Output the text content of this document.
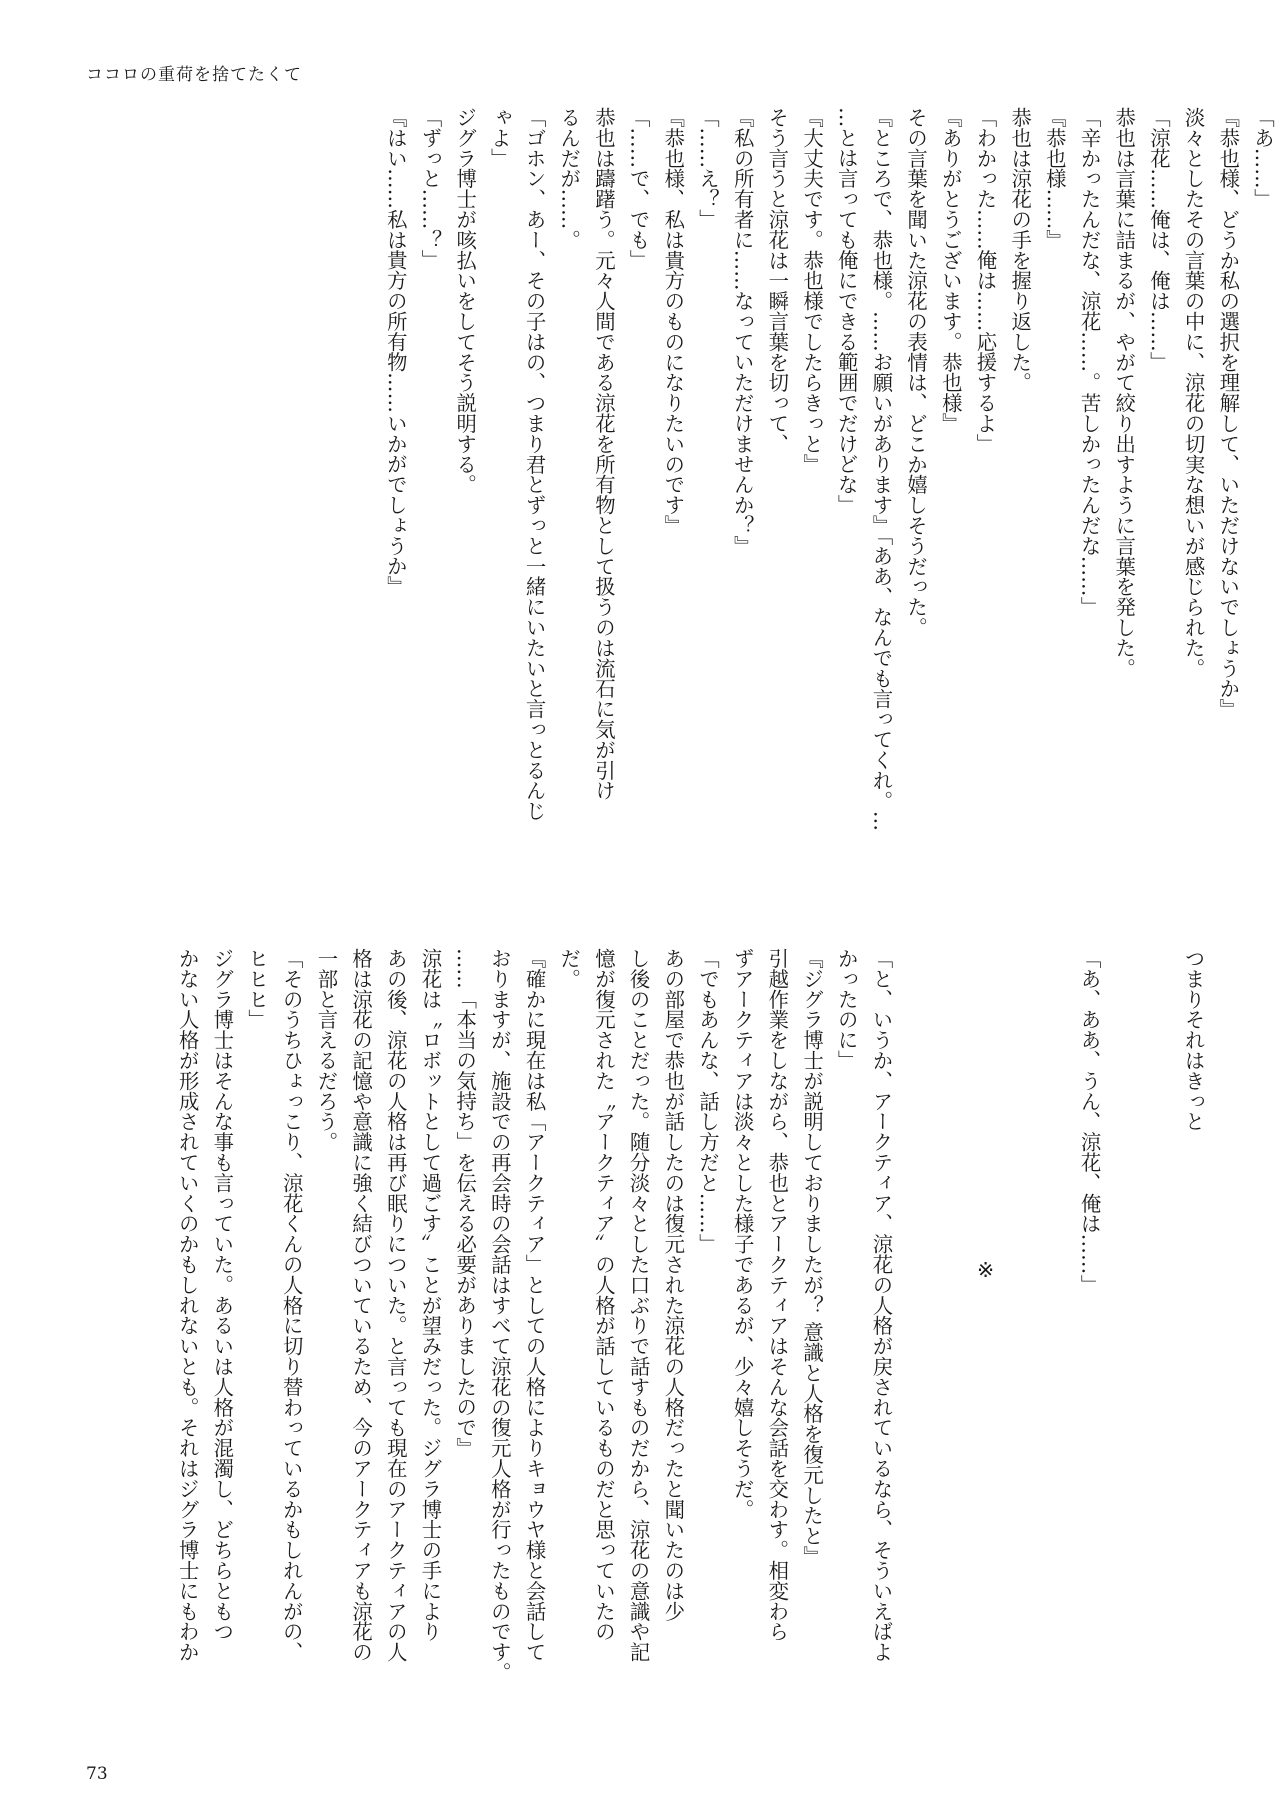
ココロの重荷を捨てたくて
「あ……」
『恭也様、どうか私の選択を理解して、いただけないでしょうか』
淡々としたその言葉の中に、涼花の切実な想いが感じられた。
「涼花……俺は、俺は……」
恭也は言葉に詰まるが、やがて絞り出すように言葉を発した。
「辛かったんだな、涼花……。苦しかったんだな……」
『恭也様……』
恭也は涼花の手を握り返した。
「わかった……俺は……応援するよ」
『ありがとうございます。恭也様』
その言葉を聞いた涼花の表情は、どこか嬉しそうだった。
『ところで、恭也様。……お願いがあります』「ああ、なんでも言ってくれ。…
…とは言っても俺にできる範囲でだけどな」
『大丈夫です。恭也様でしたらきっと』
そう言うと涼花は一瞬言葉を切って、
『私の所有者に……なっていただけませんか？』
「……え？」
『恭也様、私は貴方のものになりたいのです』
「……で、でも」
恭也は躊躇う。元々人間である涼花を所有物として扱うのは流石に気が引け
るんだが……。
「ゴホン、あー、その子はの、つまり君とずっと一緒にいたいと言っとるんじ
ゃよ」
ジグラ博士が咳払いをしてそう説明する。
「ずっと……？」
『はい……私は貴方の所有物……いかがでしょうか』

つまりそれはきっと

「あ、ああ、うん、涼花、俺は……」

※

「と、いうか、アークティア、涼花の人格が戻されているなら、そういえばよ
かったのに」
『ジグラ博士が説明しておりましたが？ 意識と人格を復元したと』
引越作業をしながら、恭也とアークティアはそんな会話を交わす。相変わら
ずアークティアは淡々とした様子であるが、少々嬉しそうだ。
「でもあんな、話し方だと……」
あの部屋で恭也が話したのは復元された涼花の人格だったと聞いたのは少
し後のことだった。随分淡々とした口ぶりで話すものだから、涼花の意識や記
憶が復元された〝アークティア〟の人格が話しているものだと思っていたの
だ。
『確かに現在は私「アークティア」としての人格によりキョウヤ様と会話して
おりますが、施設での再会時の会話はすべて涼花の復元人格が行ったものです。
……「本当の気持ち」を伝える必要がありましたので』
涼花は〝ロボットとして過ごす〟ことが望みだった。ジグラ博士の手により
あの後、涼花の人格は再び眠りについた。と言っても現在のアークティアの人
格は涼花の記憶や意識に強く結びついているため、今のアークティアも涼花の
一部と言えるだろう。
「そのうちひょっこり、涼花くんの人格に切り替わっているかもしれんがの、
ヒヒヒ」
ジグラ博士はそんな事も言っていた。あるいは人格が混濁し、どちらともつ
かない人格が形成されていくのかもしれないとも。それはジグラ博士にもわか

73
